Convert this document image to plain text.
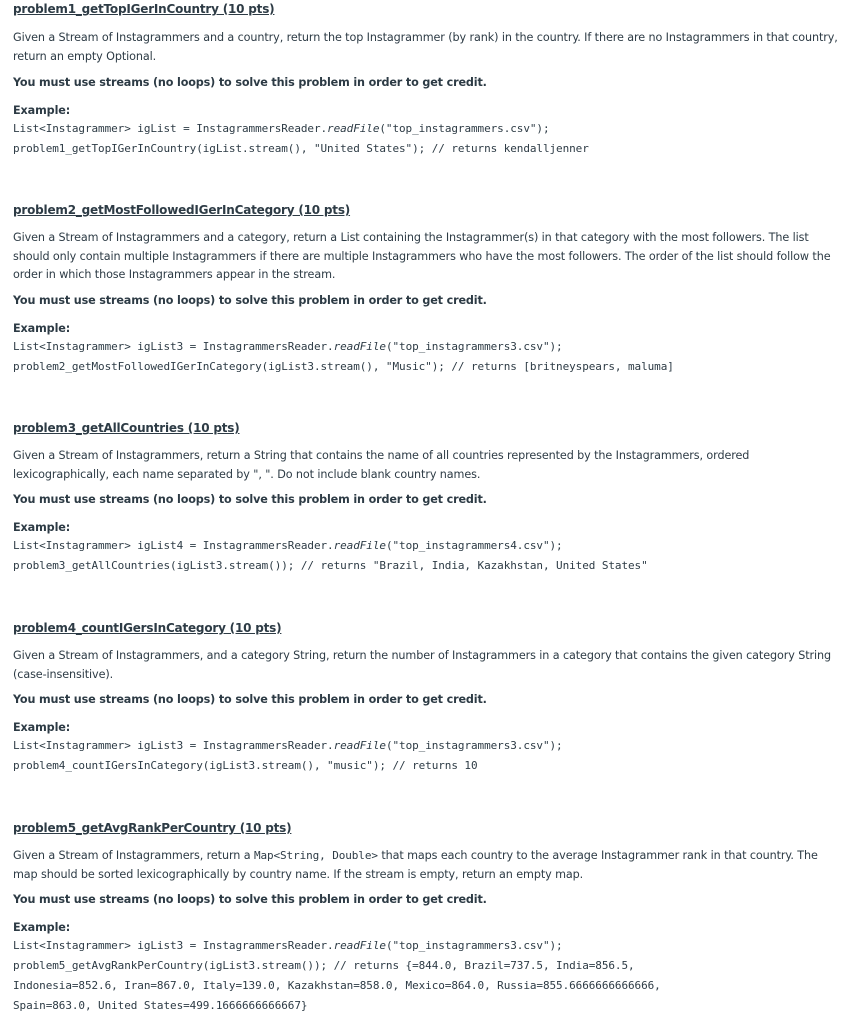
problem1_getTopIGerInCountry (10 pts)

Given a Stream of Instagrammers and a country, return the top Instagrammer (by rank) in the country. If there are no Instagrammers in that country, return an empty Optional.

You must use streams (no loops) to solve this problem in order to get credit.

Example:

List<Instagrammer> igList = InstagrammersReader.readFile("top_instagrammers.csv");
problem1_getTopIGerInCountry(igList.stream(), "United States"); // returns kendalljenner

problem2_getMostFollowedIGerInCategory (10 pts)

Given a Stream of Instagrammers and a category, return a List containing the Instagrammer(s) in that category with the most followers. The list should only contain multiple Instagrammers if there are multiple Instagrammers who have the most followers. The order of the list should follow the order in which those Instagrammers appear in the stream.

You must use streams (no loops) to solve this problem in order to get credit.

Example:

List<Instagrammer> igList3 = InstagrammersReader.readFile("top_instagrammers3.csv");
problem2_getMostFollowedIGerInCategory(igList3.stream(), "Music"); // returns [britneyspears, maluma]

problem3_getAllCountries (10 pts)

Given a Stream of Instagrammers, return a String that contains the name of all countries represented by the Instagrammers, ordered lexicographically, each name separated by ", ". Do not include blank country names.

You must use streams (no loops) to solve this problem in order to get credit.

Example:

List<Instagrammer> igList4 = InstagrammersReader.readFile("top_instagrammers4.csv");
problem3_getAllCountries(igList3.stream()); // returns "Brazil, India, Kazakhstan, United States"

problem4_countIGersInCategory (10 pts)

Given a Stream of Instagrammers, and a category String, return the number of Instagrammers in a category that contains the given category String (case-insensitive).

You must use streams (no loops) to solve this problem in order to get credit.

Example:

List<Instagrammer> igList3 = InstagrammersReader.readFile("top_instagrammers3.csv");
problem4_countIGersInCategory(igList3.stream(), "music"); // returns 10

problem5_getAvgRankPerCountry (10 pts)

Given a Stream of Instagrammers, return a Map<String, Double> that maps each country to the average Instagrammer rank in that country. The map should be sorted lexicographically by country name. If the stream is empty, return an empty map.

You must use streams (no loops) to solve this problem in order to get credit.

Example:

List<Instagrammer> igList3 = InstagrammersReader.readFile("top_instagrammers3.csv");
problem5_getAvgRankPerCountry(igList3.stream()); // returns {=844.0, Brazil=737.5, India=856.5,
Indonesia=852.6, Iran=867.0, Italy=139.0, Kazakhstan=858.0, Mexico=864.0, Russia=855.6666666666666,
Spain=863.0, United States=499.1666666666667}
